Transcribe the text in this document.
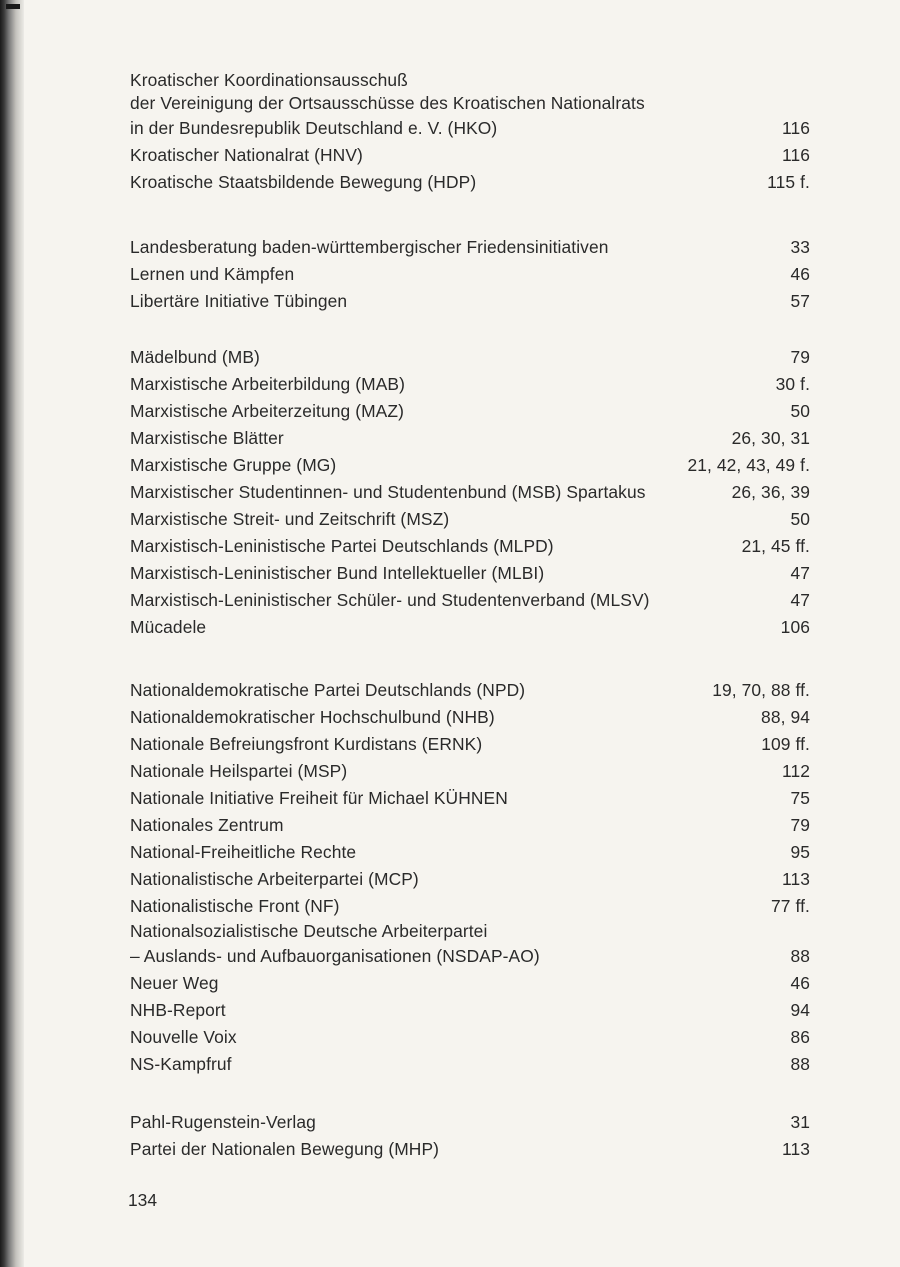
Kroatischer Koordinationsausschuß
der Vereinigung der Ortsausschüsse des Kroatischen Nationalrats
in der Bundesrepublik Deutschland e. V. (HKO)	116
Kroatischer Nationalrat (HNV)	116
Kroatische Staatsbildende Bewegung (HDP)	115 f.
Landesberatung baden-württembergischer Friedensinitiativen	33
Lernen und Kämpfen	46
Libertäre Initiative Tübingen	57
Mädelbund (MB)	79
Marxistische Arbeiterbildung (MAB)	30 f.
Marxistische Arbeiterzeitung (MAZ)	50
Marxistische Blätter	26, 30, 31
Marxistische Gruppe (MG)	21, 42, 43, 49 f.
Marxistischer Studentinnen- und Studentenbund (MSB) Spartakus	26, 36, 39
Marxistische Streit- und Zeitschrift (MSZ)	50
Marxistisch-Leninistische Partei Deutschlands (MLPD)	21, 45 ff.
Marxistisch-Leninistischer Bund Intellektueller (MLBI)	47
Marxistisch-Leninistischer Schüler- und Studentenverband (MLSV)	47
Mücadele	106
Nationaldemokratische Partei Deutschlands (NPD)	19, 70, 88 ff.
Nationaldemokratischer Hochschulbund (NHB)	88, 94
Nationale Befreiungsfront Kurdistans (ERNK)	109 ff.
Nationale Heilspartei (MSP)	112
Nationale Initiative Freiheit für Michael KÜHNEN	75
Nationales Zentrum	79
National-Freiheitliche Rechte	95
Nationalistische Arbeiterpartei (MCP)	113
Nationalistische Front (NF)	77 ff.
Nationalsozialistische Deutsche Arbeiterpartei
– Auslands- und Aufbauorganisationen (NSDAP-AO)	88
Neuer Weg	46
NHB-Report	94
Nouvelle Voix	86
NS-Kampfruf	88
Pahl-Rugenstein-Verlag	31
Partei der Nationalen Bewegung (MHP)	113
134
